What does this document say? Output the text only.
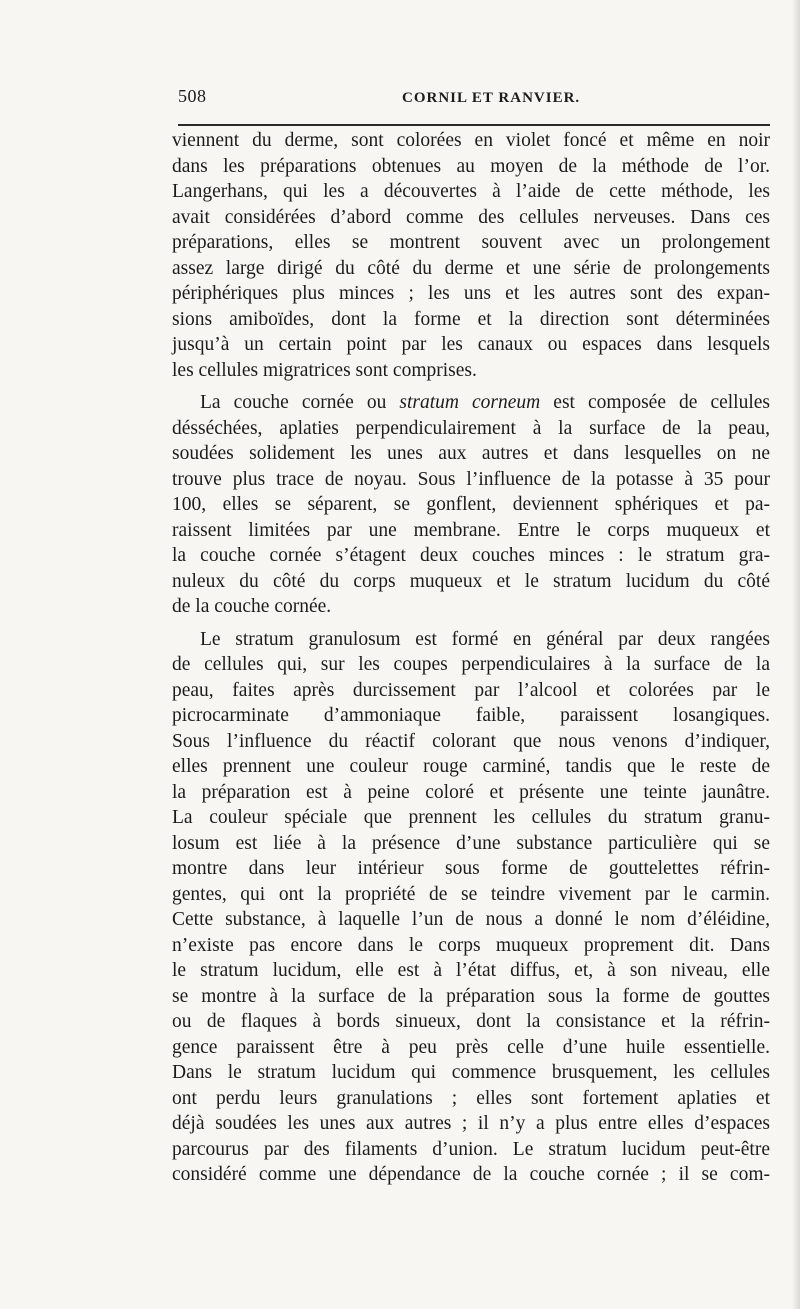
508	CORNIL ET RANVIER.

viennent du derme, sont colorées en violet foncé et même en noir
dans les préparations obtenues au moyen de la méthode de l’or.
Langerhans, qui les a découvertes à l’aide de cette méthode, les
avait considérées d’abord comme des cellules nerveuses. Dans ces
préparations, elles se montrent souvent avec un prolongement
assez large dirigé du côté du derme et une série de prolongements
périphériques plus minces ; les uns et les autres sont des expan-
sions amiboïdes, dont la forme et la direction sont déterminées
jusqu’à un certain point par les canaux ou espaces dans lesquels
les cellules migratrices sont comprises.

La couche cornée ou stratum corneum est composée de cellules
désséchées, aplaties perpendiculairement à la surface de la peau,
soudées solidement les unes aux autres et dans lesquelles on ne
trouve plus trace de noyau. Sous l’influence de la potasse à 35 pour
100, elles se séparent, se gonflent, deviennent sphériques et pa-
raissent limitées par une membrane. Entre le corps muqueux et
la couche cornée s’étagent deux couches minces : le stratum gra-
nuleux du côté du corps muqueux et le stratum lucidum du côté
de la couche cornée.

Le stratum granulosum est formé en général par deux rangées
de cellules qui, sur les coupes perpendiculaires à la surface de la
peau, faites après durcissement par l’alcool et colorées par le
picrocarminate d’ammoniaque faible, paraissent losangiques.
Sous l’influence du réactif colorant que nous venons d’indiquer,
elles prennent une couleur rouge carminé, tandis que le reste de
la préparation est à peine coloré et présente une teinte jaunâtre.
La couleur spéciale que prennent les cellules du stratum granu-
losum est liée à la présence d’une substance particulière qui se
montre dans leur intérieur sous forme de gouttelettes réfrin-
gentes, qui ont la propriété de se teindre vivement par le carmin.
Cette substance, à laquelle l’un de nous a donné le nom d’éléidine,
n’existe pas encore dans le corps muqueux proprement dit. Dans
le stratum lucidum, elle est à l’état diffus, et, à son niveau, elle
se montre à la surface de la préparation sous la forme de gouttes
ou de flaques à bords sinueux, dont la consistance et la réfrin-
gence paraissent être à peu près celle d’une huile essentielle.
Dans le stratum lucidum qui commence brusquement, les cellules
ont perdu leurs granulations ; elles sont fortement aplaties et
déjà soudées les unes aux autres ; il n’y a plus entre elles d’espaces
parcourus par des filaments d’union. Le stratum lucidum peut-être
considéré comme une dépendance de la couche cornée ; il se com-
